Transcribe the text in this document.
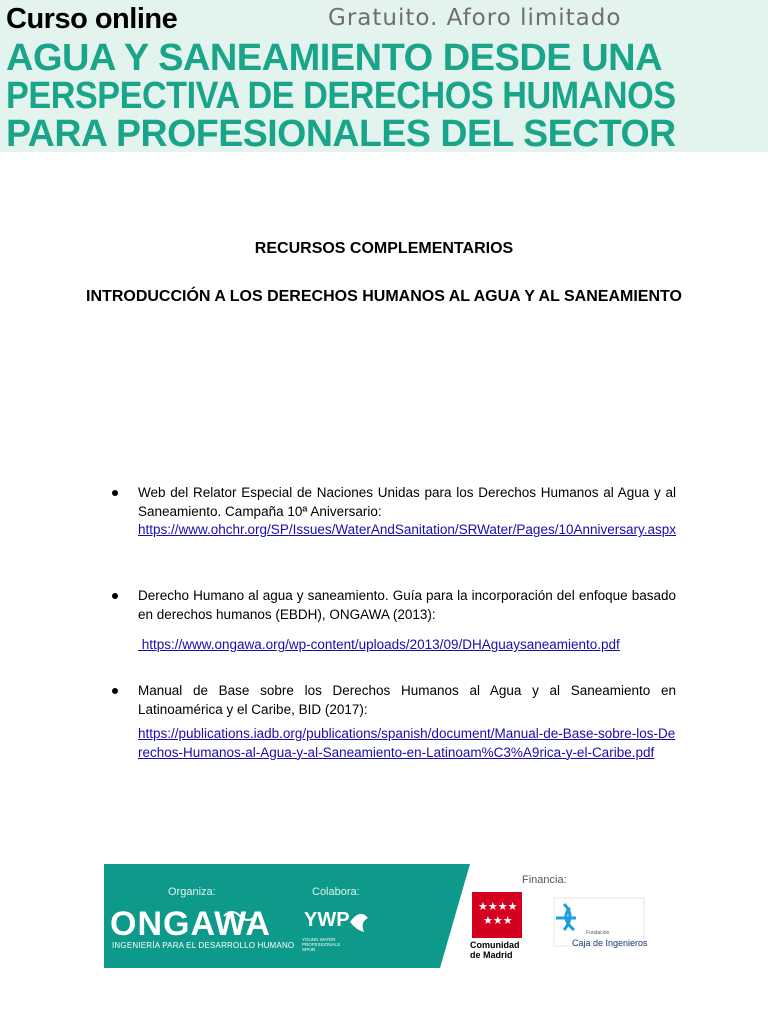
Curso online	Gratuito. Aforo limitado
AGUA Y SANEAMIENTO DESDE UNA
PERSPECTIVA DE DERECHOS HUMANOS
PARA PROFESIONALES DEL SECTOR
RECURSOS COMPLEMENTARIOS
INTRODUCCIÓN A LOS DERECHOS HUMANOS AL AGUA Y AL SANEAMIENTO
Web del Relator Especial de Naciones Unidas para los Derechos Humanos al Agua y al Saneamiento. Campaña 10ª Aniversario:
https://www.ohchr.org/SP/Issues/WaterAndSanitation/SRWater/Pages/10Anniversary.aspx
Derecho Humano al agua y saneamiento. Guía para la incorporación del enfoque basado en derechos humanos (EBDH), ONGAWA (2013):
https://www.ongawa.org/wp-content/uploads/2013/09/DHAguaysaneamiento.pdf
Manual de Base sobre los Derechos Humanos al Agua y al Saneamiento en Latinoamérica y el Caribe, BID (2017):
https://publications.iadb.org/publications/spanish/document/Manual-de-Base-sobre-los-Derechos-Humanos-al-Agua-y-al-Saneamiento-en-Latinoam%C3%A9rica-y-el-Caribe.pdf
★★★★
★★★
Organiza:	Colabora:
Financia:
ONGAWA
INGENIERÍA PARA EL DESARROLLO HUMANO
YWP
YOUNG WATER PROFESSIONALS SPAIN	Comunidad de Madrid
Fundación
Caja de Ingenieros
